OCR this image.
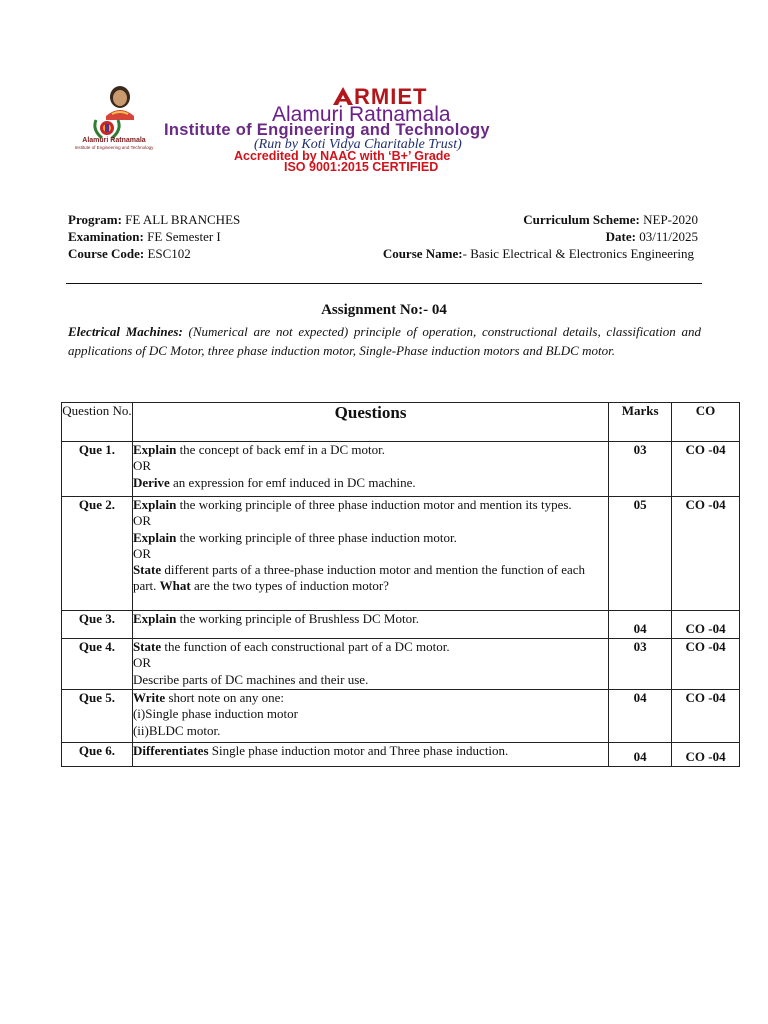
Alamuri Ratnamala
Institute of Engineering and Technology
RMIET
Alamuri Ratnamala
Institute of Engineering and Technology
(Run by Koti Vidya Charitable Trust)
Accredited by NAAC with ‘B+’ Grade
ISO 9001:2015 CERTIFIED
Program: FE ALL BRANCHES
Examination: FE Semester I
Course Code: ESC102
Curriculum Scheme: NEP-2020
Date: 03/11/2025
Course Name:- Basic Electrical & Electronics Engineering
Assignment No:- 04
Electrical Machines: (Numerical are not expected) principle of operation, constructional details, classification and applications of DC Motor, three phase induction motor, Single-Phase induction motors and BLDC motor.
Question No.	Questions	Marks	CO
Que 1.	Explain the concept of back emf in a DC motor.
OR
Derive an expression for emf induced in DC machine.	03	CO -04
Que 2.	Explain the working principle of three phase induction motor and mention its types.
OR
Explain the working principle of three phase induction motor.
OR
State different parts of a three-phase induction motor and mention the function of each part. What are the two types of induction motor?	05	CO -04
Que 3.	Explain the working principle of Brushless DC Motor.	04	CO -04
Que 4.	State the function of each constructional part of a DC motor.
OR
Describe parts of DC machines and their use.	03	CO -04
Que 5.	Write short note on any one:
(i)Single phase induction motor
(ii)BLDC motor.	04	CO -04
Que 6.	Differentiates Single phase induction motor and Three phase induction.	04	CO -04
